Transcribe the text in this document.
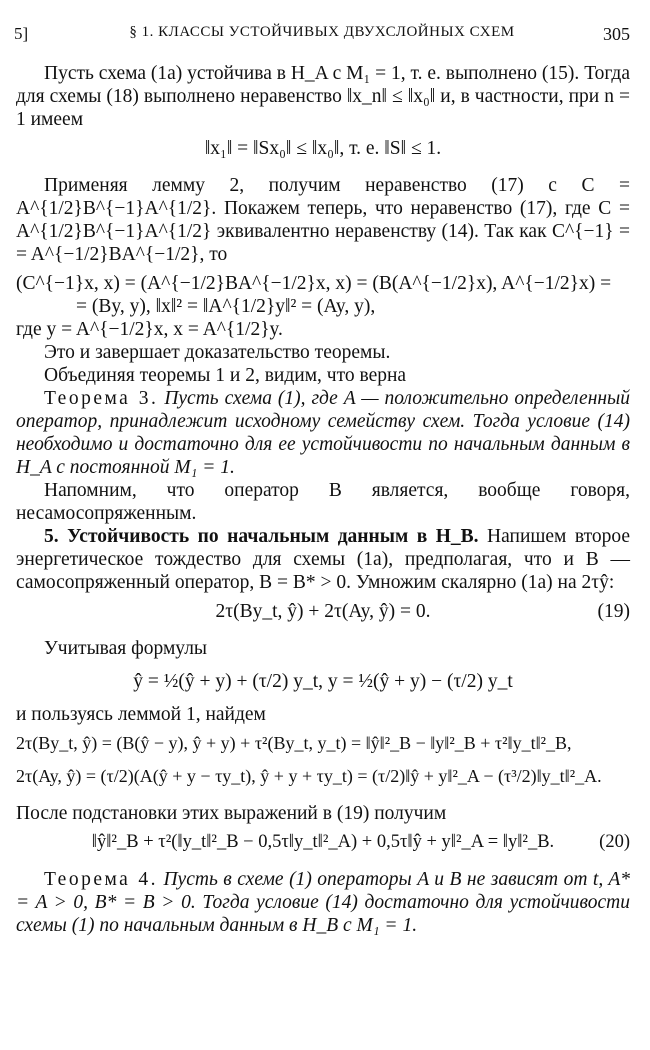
5]	§ 1. КЛАССЫ УСТОЙЧИВЫХ ДВУХСЛОЙНЫХ СХЕМ	305

Пусть схема (1a) устойчива в H_A с M₁ = 1, т. е. выполнено (15). Тогда для схемы (18) выполнено неравенство ‖x_n‖ ≤ ‖x₀‖ и, в частности, при n = 1 имеем

‖x₁‖ = ‖Sx₀‖ ≤ ‖x₀‖, т. е. ‖S‖ ≤ 1.

Применяя лемму 2, получим неравенство (17) с C = A^{1/2}B^{−1}A^{1/2}. Покажем теперь, что неравенство (17), где C = A^{1/2}B^{−1}A^{1/2} эквивалентно неравенству (14). Так как C^{−1} = = A^{−1/2}BA^{−1/2}, то

(C^{−1}x, x) = (A^{−1/2}BA^{−1/2}x, x) = (B(A^{−1/2}x), A^{−1/2}x) =

= (By, y), ‖x‖² = ‖A^{1/2}y‖² = (Ay, y),

где y = A^{−1/2}x, x = A^{1/2}y.

Это и завершает доказательство теоремы.

Объединяя теоремы 1 и 2, видим, что верна

Теорема 3. Пусть схема (1), где A — положительно определенный оператор, принадлежит исходному семейству схем. Тогда условие (14) необходимо и достаточно для ее устойчивости по начальным данным в H_A с постоянной M₁ = 1.

Напомним, что оператор B является, вообще говоря, несамосопряженным.

5. Устойчивость по начальным данным в H_B. Напишем второе энергетическое тождество для схемы (1a), предполагая, что и B — самосопряженный оператор, B = B* > 0. Умножим скалярно (1a) на 2τŷ:

2τ(By_t, ŷ) + 2τ(Ay, ŷ) = 0.	(19)

Учитывая формулы

ŷ = ½(ŷ + y) + (τ/2) y_t, y = ½(ŷ + y) − (τ/2) y_t

и пользуясь леммой 1, найдем

2τ(By_t, ŷ) = (B(ŷ − y), ŷ + y) + τ²(By_t, y_t) = ‖ŷ‖²_B − ‖y‖²_B + τ²‖y_t‖²_B,

2τ(Ay, ŷ) = (τ/2)(A(ŷ + y − τy_t), ŷ + y + τy_t) = (τ/2)‖ŷ + y‖²_A − (τ³/2)‖y_t‖²_A.

После подстановки этих выражений в (19) получим

‖ŷ‖²_B + τ²(‖y_t‖²_B − 0,5τ‖y_t‖²_A) + 0,5τ‖ŷ + y‖²_A = ‖y‖²_B. (20)

Теорема 4. Пусть в схеме (1) операторы A и B не зависят от t, A* = A > 0, B* = B > 0. Тогда условие (14) достаточно для устойчивости схемы (1) по начальным данным в H_B с M₁ = 1.
